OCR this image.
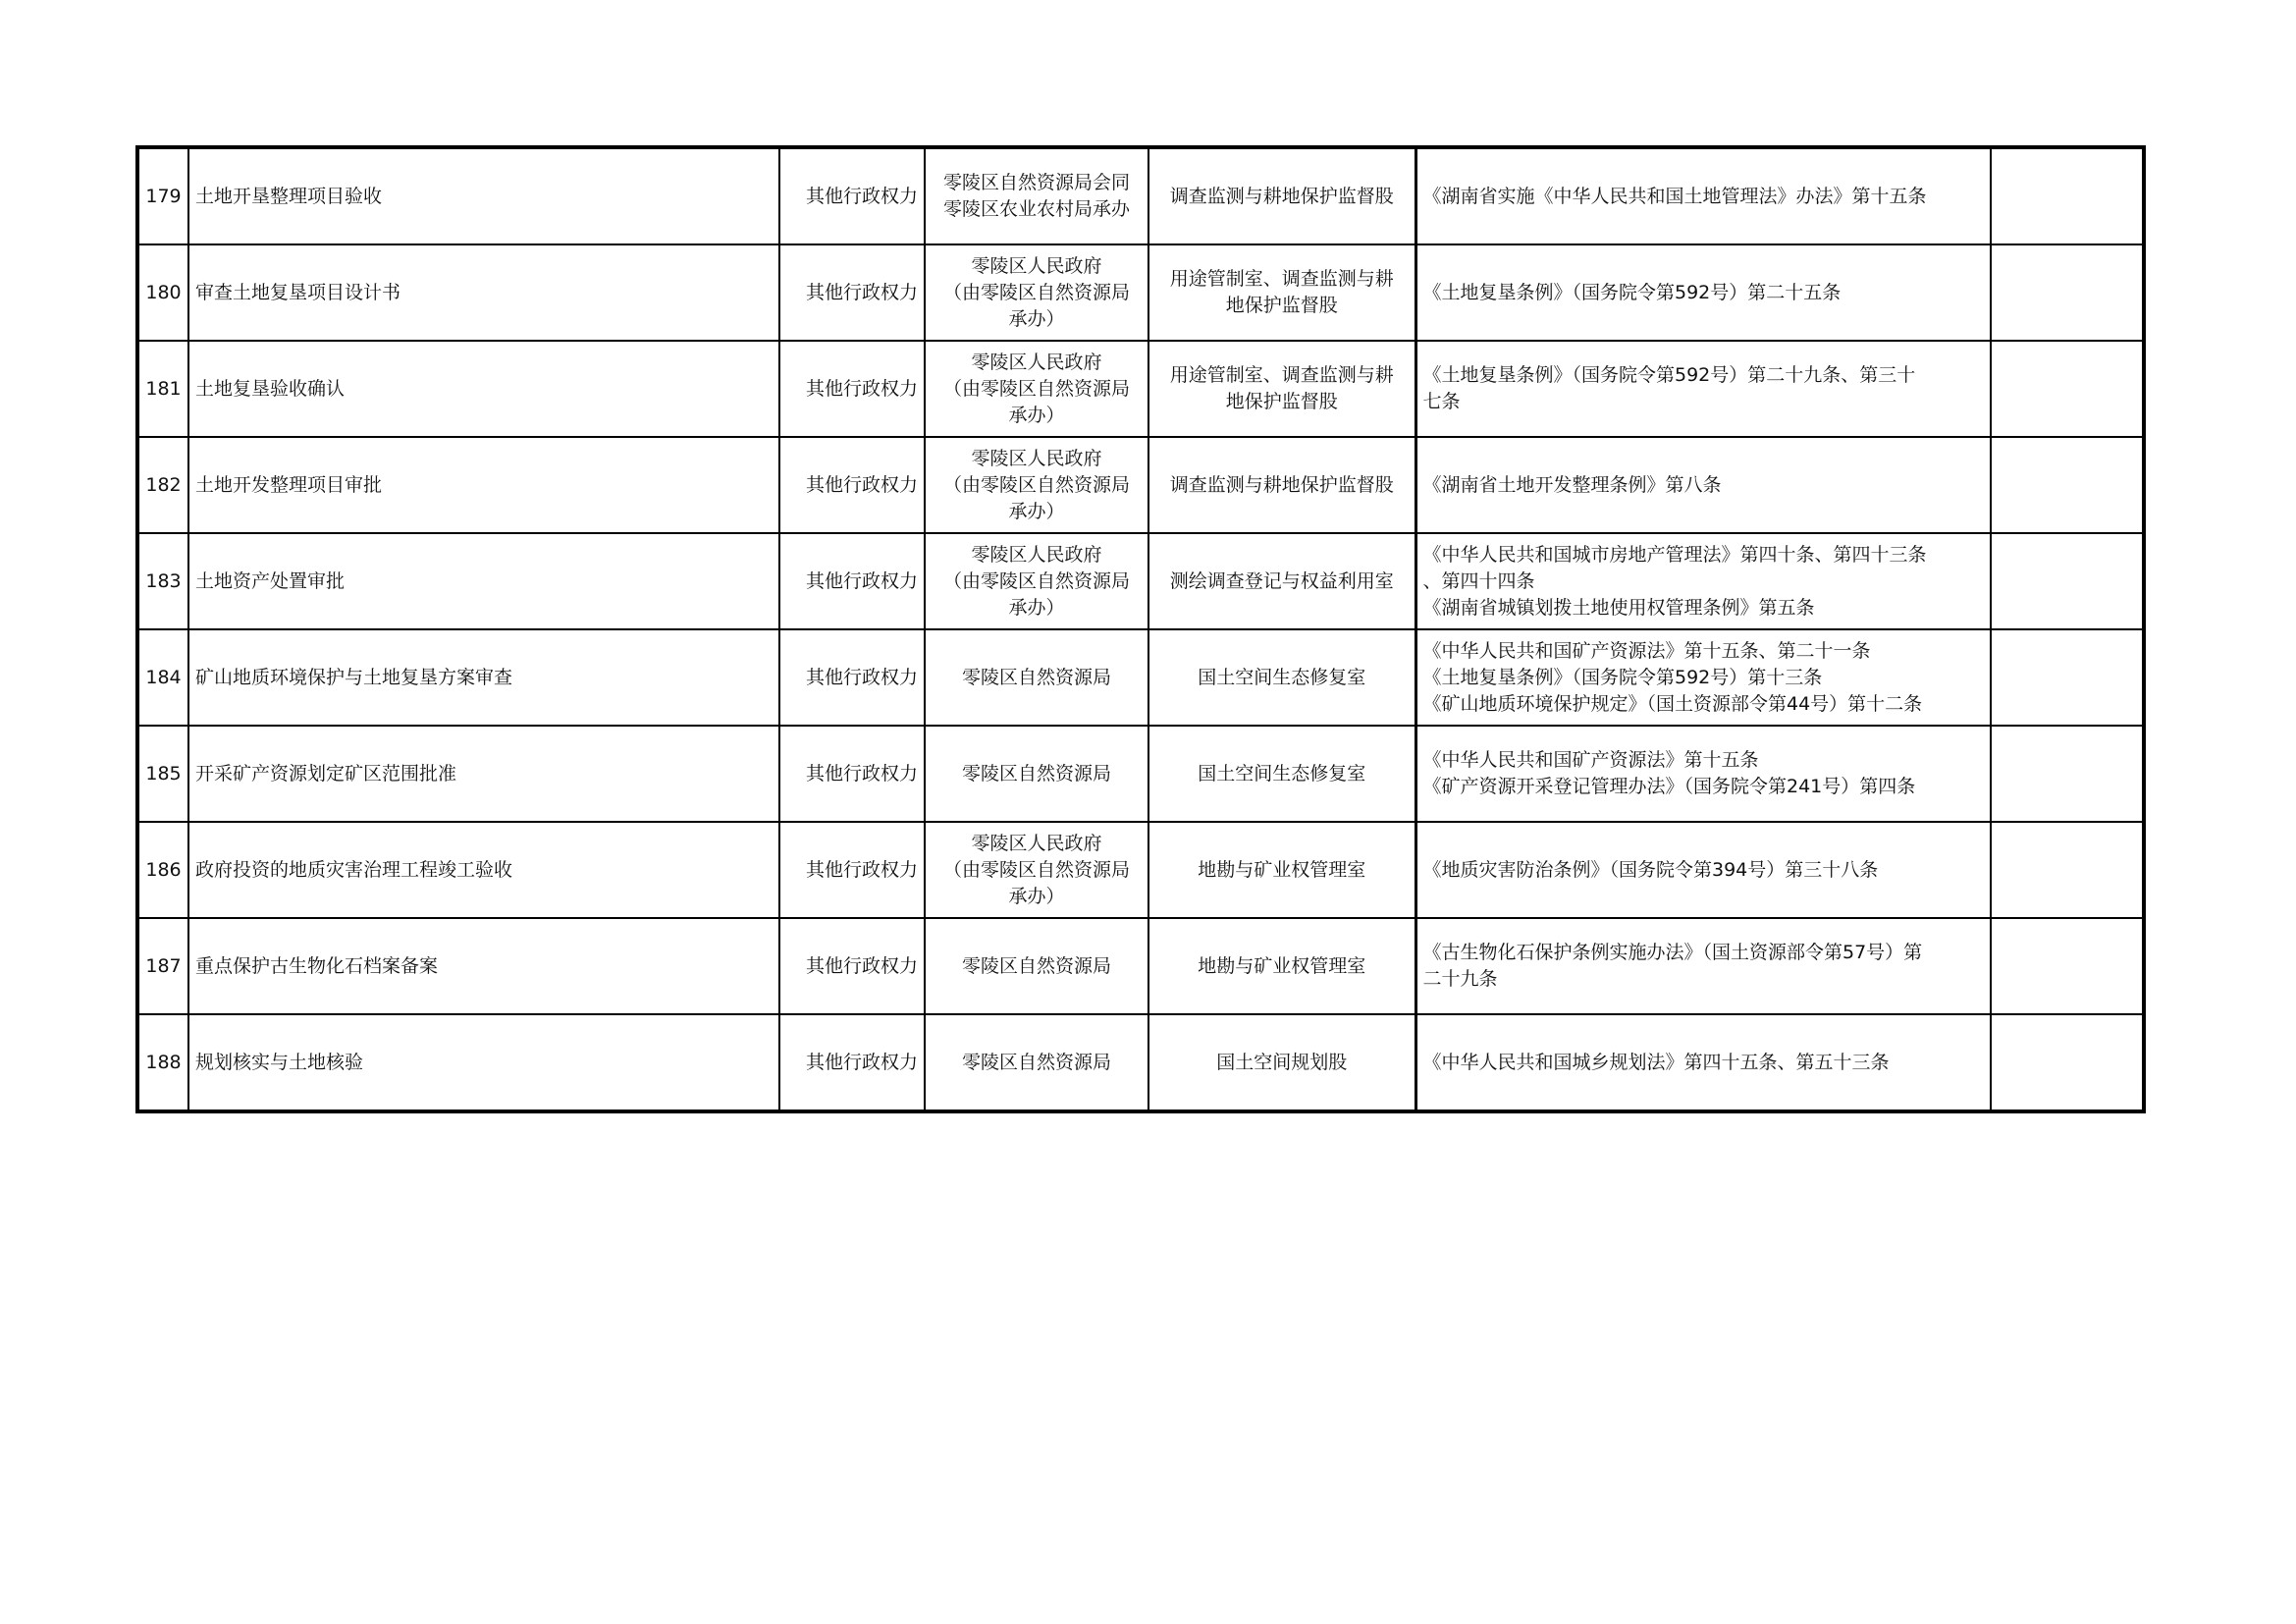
179	土地开垦整理项目验收	其他行政权力	零陵区自然资源局会同
零陵区农业农村局承办	调查监测与耕地保护监督股	《湖南省实施《中华人民共和国土地管理法》办法》第十五条	
180	审查土地复垦项目设计书	其他行政权力	零陵区人民政府
（由零陵区自然资源局
承办）	用途管制室、调查监测与耕
地保护监督股	《土地复垦条例》（国务院令第592号）第二十五条	
181	土地复垦验收确认	其他行政权力	零陵区人民政府
（由零陵区自然资源局
承办）	用途管制室、调查监测与耕
地保护监督股	《土地复垦条例》（国务院令第592号）第二十九条、第三十
七条	
182	土地开发整理项目审批	其他行政权力	零陵区人民政府
（由零陵区自然资源局
承办）	调查监测与耕地保护监督股	《湖南省土地开发整理条例》第八条	
183	土地资产处置审批	其他行政权力	零陵区人民政府
（由零陵区自然资源局
承办）	测绘调查登记与权益利用室	《中华人民共和国城市房地产管理法》第四十条、第四十三条
、第四十四条
《湖南省城镇划拨土地使用权管理条例》第五条	
184	矿山地质环境保护与土地复垦方案审查	其他行政权力	零陵区自然资源局	国土空间生态修复室	《中华人民共和国矿产资源法》第十五条、第二十一条
《土地复垦条例》（国务院令第592号）第十三条
《矿山地质环境保护规定》（国土资源部令第44号）第十二条	
185	开采矿产资源划定矿区范围批准	其他行政权力	零陵区自然资源局	国土空间生态修复室	《中华人民共和国矿产资源法》第十五条
《矿产资源开采登记管理办法》（国务院令第241号）第四条	
186	政府投资的地质灾害治理工程竣工验收	其他行政权力	零陵区人民政府
（由零陵区自然资源局
承办）	地勘与矿业权管理室	《地质灾害防治条例》（国务院令第394号）第三十八条	
187	重点保护古生物化石档案备案	其他行政权力	零陵区自然资源局	地勘与矿业权管理室	《古生物化石保护条例实施办法》（国土资源部令第57号）第
二十九条	
188	规划核实与土地核验	其他行政权力	零陵区自然资源局	国土空间规划股	《中华人民共和国城乡规划法》第四十五条、第五十三条	
